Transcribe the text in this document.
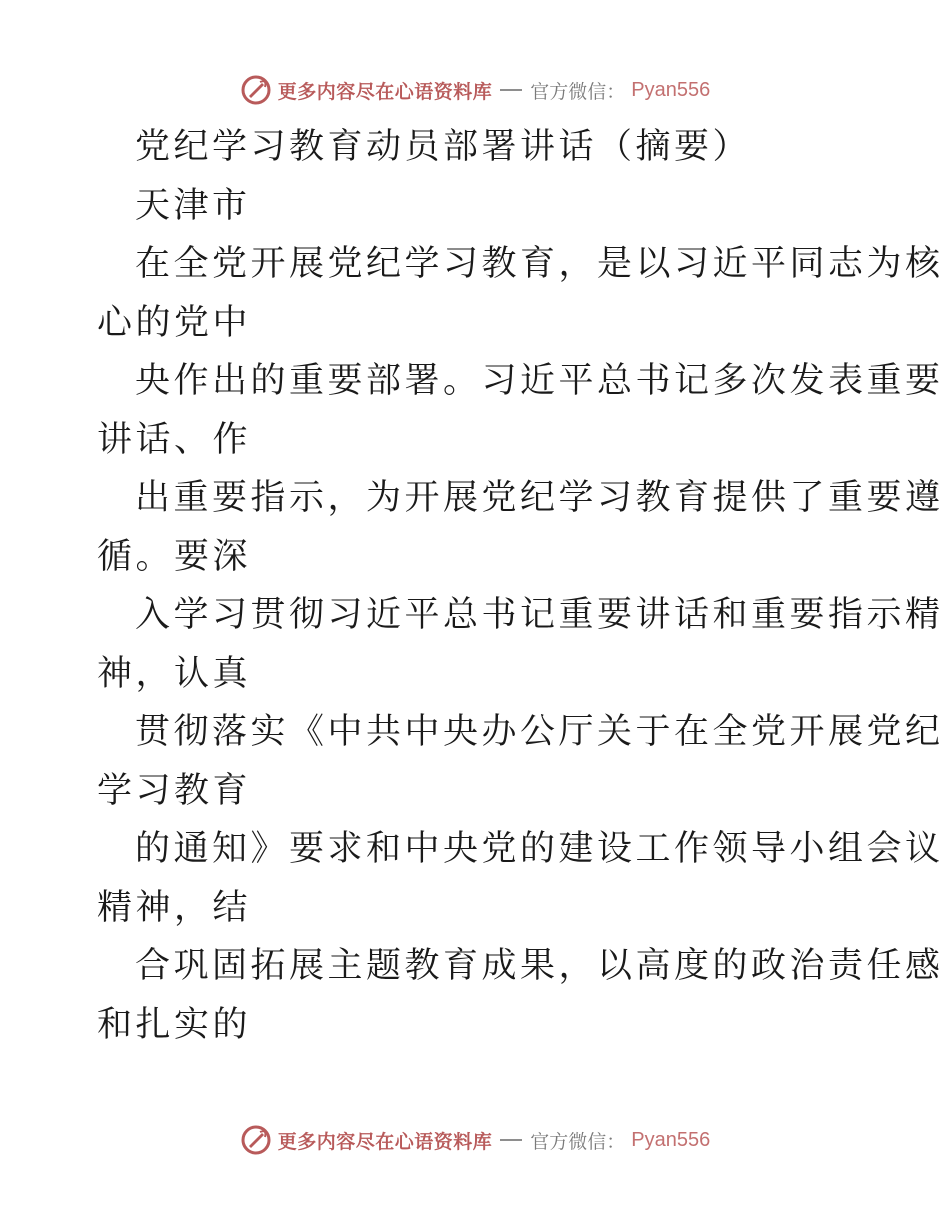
更多内容尽在心语资料库 官方微信： Pyan556
党纪学习教育动员部署讲话（摘要）
天津市
在全党开展党纪学习教育，是以习近平同志为核
心的党中
央作出的重要部署。习近平总书记多次发表重要
讲话、作
出重要指示，为开展党纪学习教育提供了重要遵
循。要深
入学习贯彻习近平总书记重要讲话和重要指示精
神，认真
贯彻落实《中共中央办公厅关于在全党开展党纪
学习教育
的通知》要求和中央党的建设工作领导小组会议
精神，结
合巩固拓展主题教育成果，以高度的政治责任感
和扎实的
更多内容尽在心语资料库 官方微信： Pyan556
